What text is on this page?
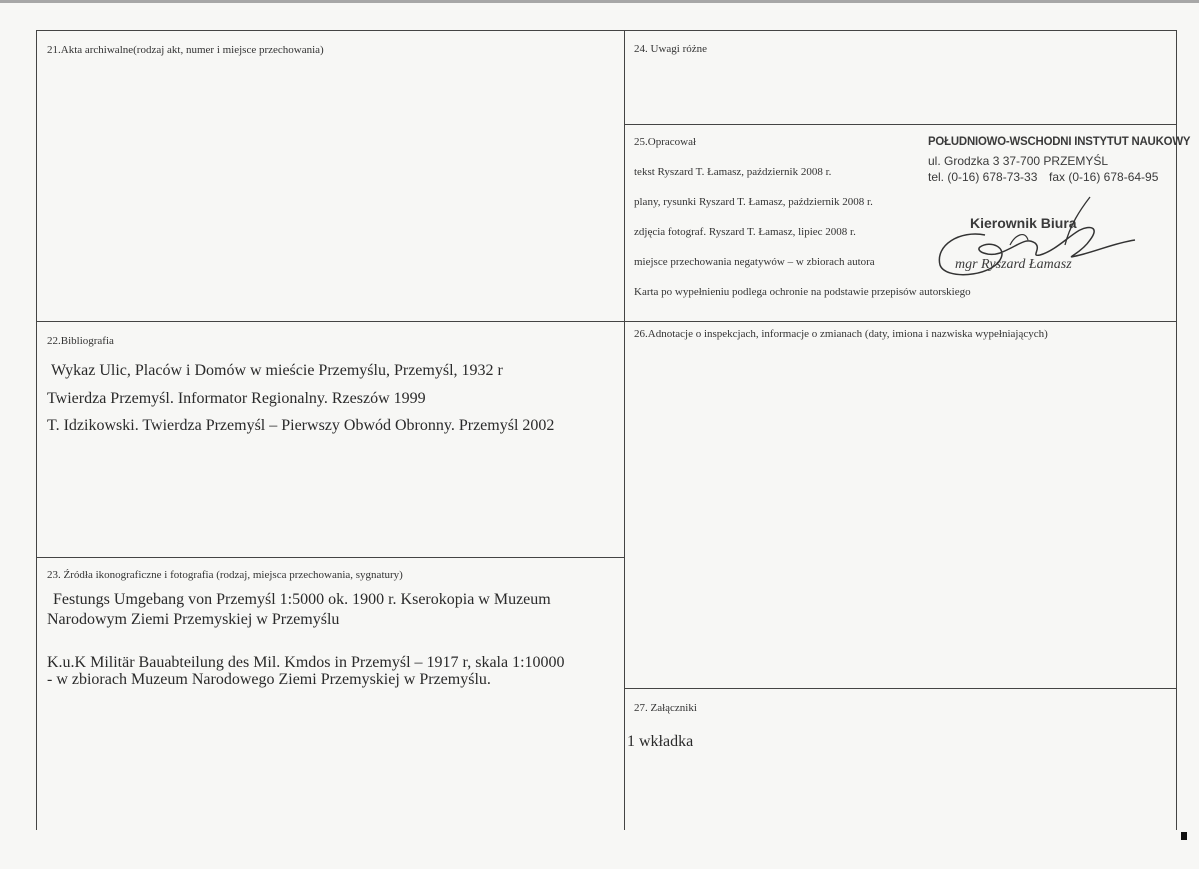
21.Akta archiwalne(rodzaj akt, numer i miejsce przechowania)	24. Uwagi różne
25.Opracował
tekst Ryszard T. Łamasz, październik 2008 r.
plany, rysunki Ryszard T. Łamasz, październik 2008 r.
zdjęcia fotograf. Ryszard T. Łamasz, lipiec 2008 r.
miejsce przechowania negatywów – w zbiorach autora
Karta po wypełnieniu podlega ochronie na podstawie przepisów autorskiego
POŁUDNIOWO-WSCHODNI INSTYTUT NAUKOWY
ul. Grodzka 3 37-700 PRZEMYŚL
tel. (0-16) 678-73-33 fax (0-16) 678-64-95
Kierownik Biura
mgr Ryszard Łamasz
22.Bibliografia
Wykaz Ulic, Placów i Domów w mieście Przemyślu, Przemyśl, 1932 r
Twierdza Przemyśl. Informator Regionalny. Rzeszów 1999
T. Idzikowski. Twierdza Przemyśl – Pierwszy Obwód Obronny. Przemyśl 2002
26.Adnotacje o inspekcjach, informacje o zmianach (daty, imiona i nazwiska wypełniających)
23. Źródła ikonograficzne i fotografia (rodzaj, miejsca przechowania, sygnatury)
Festungs Umgebang von Przemyśl 1:5000 ok. 1900 r. Kserokopia w Muzeum
Narodowym Ziemi Przemyskiej w Przemyślu
K.u.K Militär Bauabteilung des Mil. Kmdos in Przemyśl – 1917 r, skala 1:10000
- w zbiorach Muzeum Narodowego Ziemi Przemyskiej w Przemyślu.
27. Załączniki
1 wkładka
